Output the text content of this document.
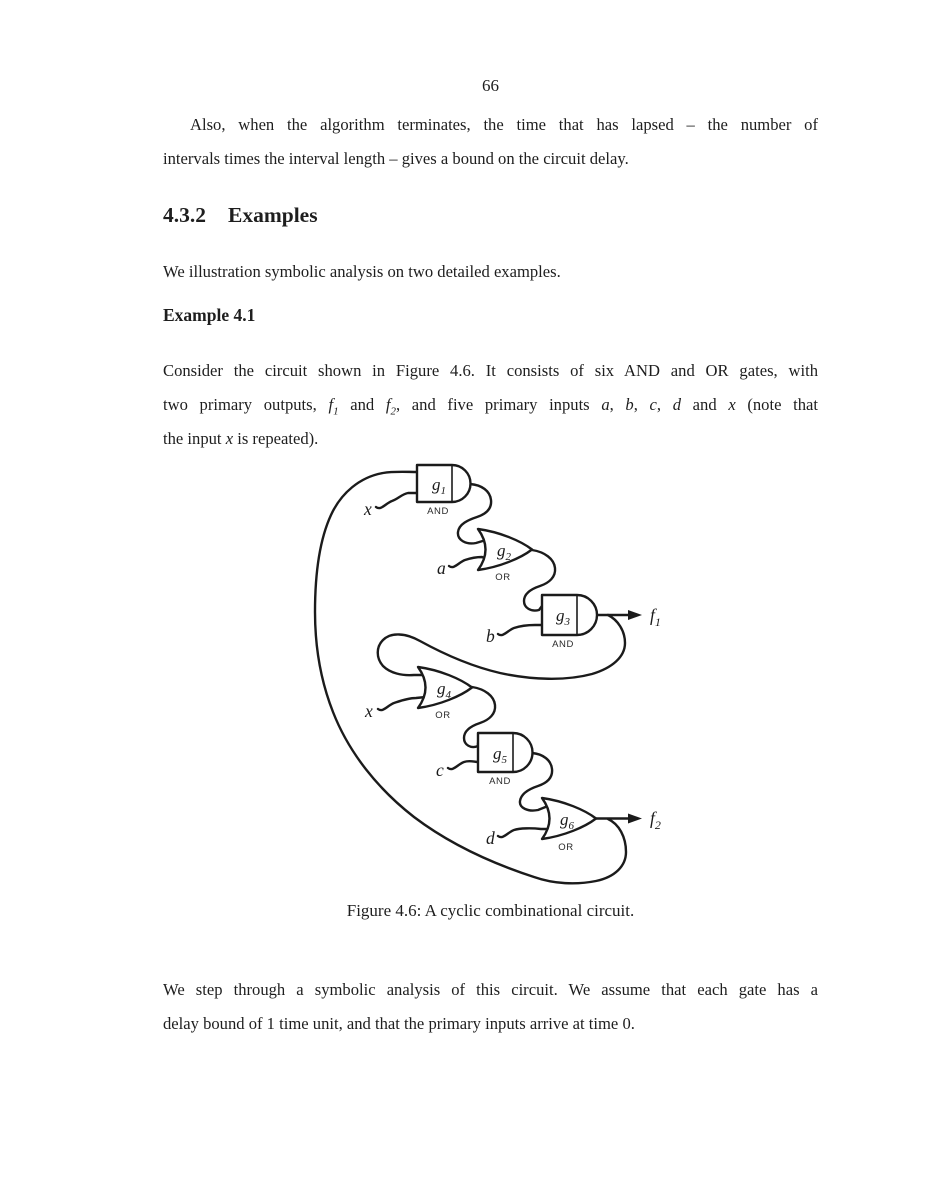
66
Also, when the algorithm terminates, the time that has lapsed – the number of
intervals times the interval length – gives a bound on the circuit delay.
4.3.2 Examples
We illustration symbolic analysis on two detailed examples.
Example 4.1
Consider the circuit shown in Figure 4.6. It consists of six AND and OR gates, with
two primary outputs, $f_1$ and $f_2$, and five primary inputs a, b, c, d and x (note that
the input x is repeated).
$g_1$
AND
$g_2$
OR
$g_3$
AND
$g_4$
OR
$g_5$
AND
$g_6$
OR
x
a
b
x
c
d
$f_1$
$f_2$
Figure 4.6: A cyclic combinational circuit.
We step through a symbolic analysis of this circuit. We assume that each gate has a
delay bound of 1 time unit, and that the primary inputs arrive at time 0.
